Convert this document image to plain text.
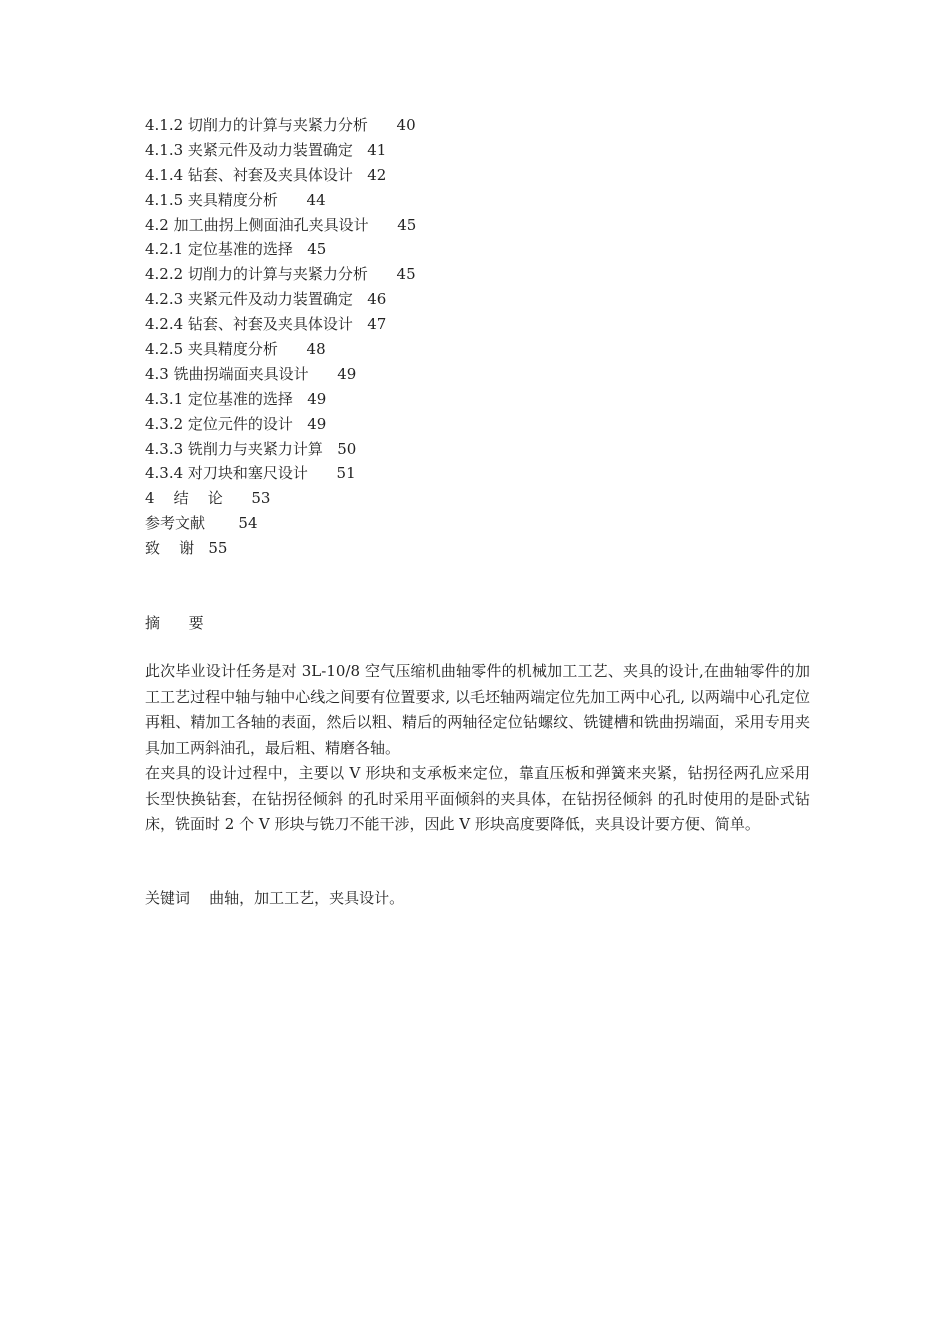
4.1.2 切削力的计算与夹紧力分析 40
4.1.3 夹紧元件及动力装置确定 41
4.1.4 钻套、衬套及夹具体设计 42
4.1.5 夹具精度分析 44
4.2 加工曲拐上侧面油孔夹具设计 45
4.2.1 定位基准的选择 45
4.2.2 切削力的计算与夹紧力分析 45
4.2.3 夹紧元件及动力装置确定 46
4.2.4 钻套、衬套及夹具体设计 47
4.2.5 夹具精度分析 48
4.3 铣曲拐端面夹具设计 49
4.3.1 定位基准的选择 49
4.3.2 定位元件的设计 49
4.3.3 铣削力与夹紧力计算 50
4.3.4 对刀块和塞尺设计 51
4    结    论 53
参考文献 54
致    谢 55
摘      要

此次毕业设计任务是对 3L-10/8 空气压缩机曲轴零件的机械加工工艺、夹具的设计,在曲轴零件的加工工艺过程中轴与轴中心线之间要有位置要求, 以毛坯轴两端定位先加工两中心孔, 以两端中心孔定位再粗、精加工各轴的表面，然后以粗、精后的两轴径定位钻螺纹、铣键槽和铣曲拐端面，采用专用夹具加工两斜油孔，最后粗、精磨各轴。

在夹具的设计过程中，主要以 V 形块和支承板来定位，靠直压板和弹簧来夹紧，钻拐径两孔应采用长型快换钻套，在钻拐径倾斜 的孔时采用平面倾斜的夹具体，在钻拐径倾斜 的孔时使用的是卧式钻床，铣面时 2 个 V 形块与铣刀不能干涉，因此 V 形块高度要降低，夹具设计要方便、简单。

关键词 曲轴，加工工艺，夹具设计。
